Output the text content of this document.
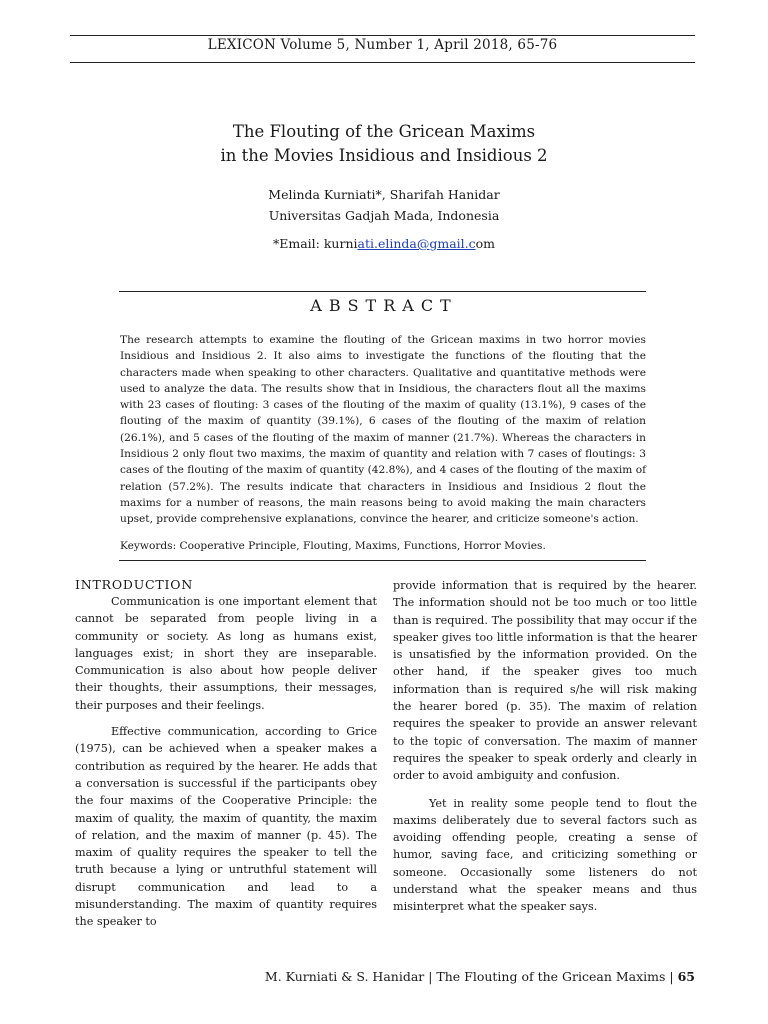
LEXICON Volume 5, Number 1, April 2018, 65-76
The Flouting of the Gricean Maxims
in the Movies Insidious and Insidious 2
Melinda Kurniati*, Sharifah Hanidar
Universitas Gadjah Mada, Indonesia
*Email: kurniati.elinda@gmail.com
ABSTRACT

The research attempts to examine the flouting of the Gricean maxims in two horror movies Insidious and Insidious 2. It also aims to investigate the functions of the flouting that the characters made when speaking to other characters. Qualitative and quantitative methods were used to analyze the data. The results show that in Insidious, the characters flout all the maxims with 23 cases of flouting: 3 cases of the flouting of the maxim of quality (13.1%), 9 cases of the flouting of the maxim of quantity (39.1%), 6 cases of the flouting of the maxim of relation (26.1%), and 5 cases of the flouting of the maxim of manner (21.7%). Whereas the characters in Insidious 2 only flout two maxims, the maxim of quantity and relation with 7 cases of floutings: 3 cases of the flouting of the maxim of quantity (42.8%), and 4 cases of the flouting of the maxim of relation (57.2%). The results indicate that characters in Insidious and Insidious 2 flout the maxims for a number of reasons, the main reasons being to avoid making the main characters upset, provide comprehensive explanations, convince the hearer, and criticize someone's action.

Keywords: Cooperative Principle, Flouting, Maxims, Functions, Horror Movies.

INTRODUCTION

Communication is one important element that cannot be separated from people living in a community or society. As long as humans exist, languages exist; in short they are inseparable. Communication is also about how people deliver their thoughts, their assumptions, their messages, their purposes and their feelings.

Effective communication, according to Grice (1975), can be achieved when a speaker makes a contribution as required by the hearer. He adds that a conversation is successful if the participants obey the four maxims of the Cooperative Principle: the maxim of quality, the maxim of quantity, the maxim of relation, and the maxim of manner (p. 45). The maxim of quality requires the speaker to tell the truth because a lying or untruthful statement will disrupt communication and lead to a misunderstanding. The maxim of quantity requires the speaker to

provide information that is required by the hearer. The information should not be too much or too little than is required. The possibility that may occur if the speaker gives too little information is that the hearer is unsatisfied by the information provided. On the other hand, if the speaker gives too much information than is required s/he will risk making the hearer bored (p. 35). The maxim of relation requires the speaker to provide an answer relevant to the topic of conversation. The maxim of manner requires the speaker to speak orderly and clearly in order to avoid ambiguity and confusion.

Yet in reality some people tend to flout the maxims deliberately due to several factors such as avoiding offending people, creating a sense of humor, saving face, and criticizing something or someone. Occasionally some listeners do not understand what the speaker means and thus misinterpret what the speaker says.

M. Kurniati & S. Hanidar | The Flouting of the Gricean Maxims | 65
